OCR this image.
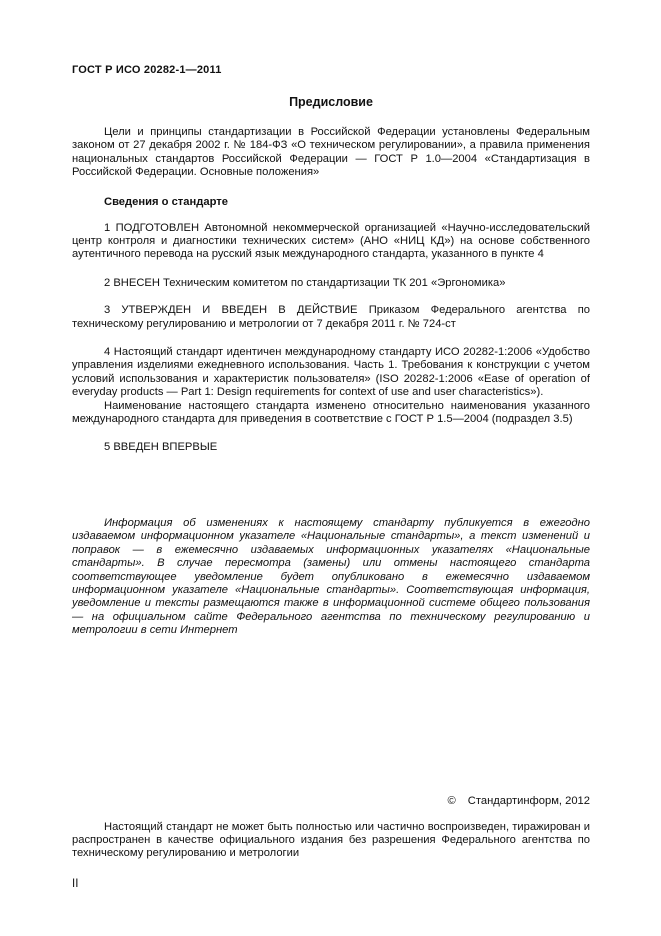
ГОСТ Р ИСО 20282-1—2011
Предисловие

Цели и принципы стандартизации в Российской Федерации установлены Федеральным законом от 27 декабря 2002 г. № 184-ФЗ «О техническом регулировании», а правила применения национальных стандартов Российской Федерации — ГОСТ Р 1.0—2004 «Стандартизация в Российской Федерации. Основные положения»

Сведения о стандарте

1 ПОДГОТОВЛЕН Автономной некоммерческой организацией «Научно-исследовательский центр контроля и диагностики технических систем» (АНО «НИЦ КД») на основе собственного аутентичного перевода на русский язык международного стандарта, указанного в пункте 4

2 ВНЕСЕН Техническим комитетом по стандартизации ТК 201 «Эргономика»

3 УТВЕРЖДЕН И ВВЕДЕН В ДЕЙСТВИЕ Приказом Федерального агентства по техническому регулированию и метрологии от 7 декабря 2011 г. № 724-ст

4 Настоящий стандарт идентичен международному стандарту ИСО 20282-1:2006 «Удобство управления изделиями ежедневного использования. Часть 1. Требования к конструкции с учетом условий использования и характеристик пользователя» (ISO 20282-1:2006 «Ease of operation of everyday products — Part 1: Design requirements for context of use and user characteristics»).

Наименование настоящего стандарта изменено относительно наименования указанного международного стандарта для приведения в соответствие с ГОСТ Р 1.5—2004 (подраздел 3.5)

5 ВВЕДЕН ВПЕРВЫЕ

Информация об изменениях к настоящему стандарту публикуется в ежегодно издаваемом информационном указателе «Национальные стандарты», а текст изменений и поправок — в ежемесячно издаваемых информационных указателях «Национальные стандарты». В случае пересмотра (замены) или отмены настоящего стандарта соответствующее уведомление будет опубликовано в ежемесячно издаваемом информационном указателе «Национальные стандарты». Соответствующая информация, уведомление и тексты размещаются также в информационной системе общего пользования — на официальном сайте Федерального агентства по техническому регулированию и метрологии в сети Интернет

© Стандартинформ, 2012

Настоящий стандарт не может быть полностью или частично воспроизведен, тиражирован и распространен в качестве официального издания без разрешения Федерального агентства по техническому регулированию и метрологии

II
